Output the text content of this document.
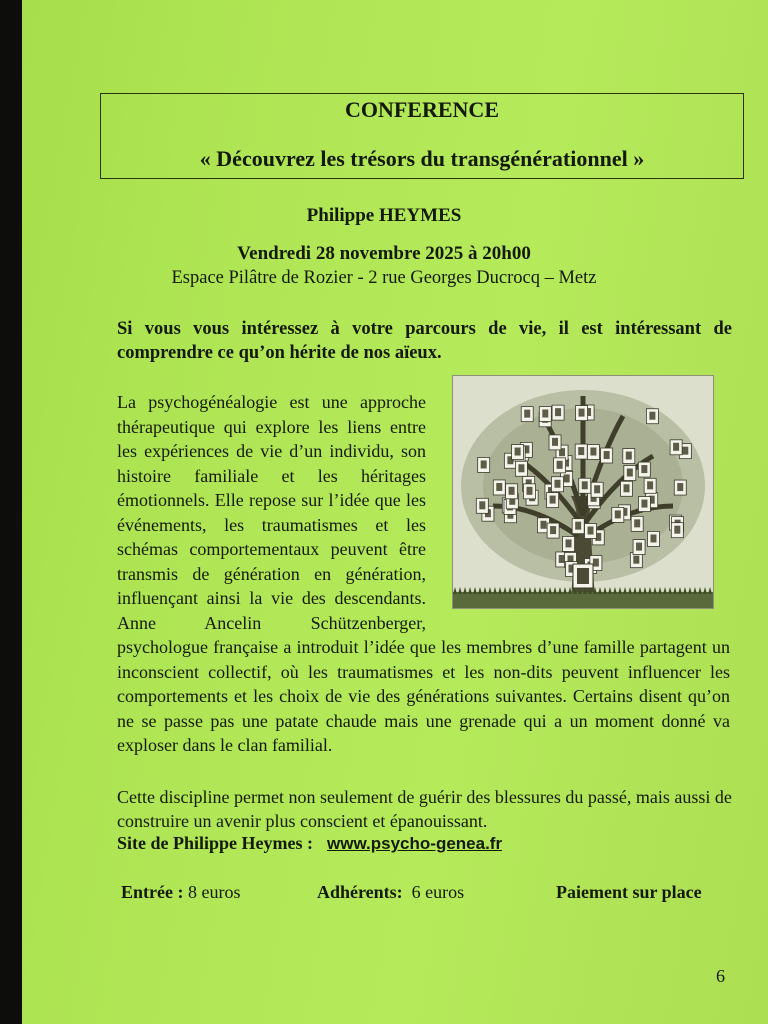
CONFERENCE
« Découvrez les trésors du transgénérationnel »
Philippe HEYMES
Vendredi 28 novembre 2025 à 20h00
Espace Pilâtre de Rozier - 2 rue Georges Ducrocq – Metz
Si vous vous intéressez à votre parcours de vie, il est intéressant de comprendre ce qu’on hérite de nos aïeux.
La psychogénéalogie est une approche thérapeutique qui explore les liens entre les expériences de vie d’un individu, son histoire familiale et les héritages émotionnels. Elle repose sur l’idée que les événements, les traumatismes et les schémas comportementaux peuvent être transmis de génération en génération, influençant ainsi la vie des descendants. Anne Ancelin Schützenberger, psychologue française a introduit l’idée que les membres d’une famille partagent un inconscient collectif, où les traumatismes et les non-dits peuvent influencer les comportements et les choix de vie des générations suivantes. Certains disent qu’on ne se passe pas une patate chaude mais une grenade qui a un moment donné va exploser dans le clan familial.
Cette discipline permet non seulement de guérir des blessures du passé, mais aussi de construire un avenir plus conscient et épanouissant.
Site de Philippe Heymes : www.psycho-genea.fr
Entrée : 8 euros	Adhérents: 6 euros	Paiement sur place
6
